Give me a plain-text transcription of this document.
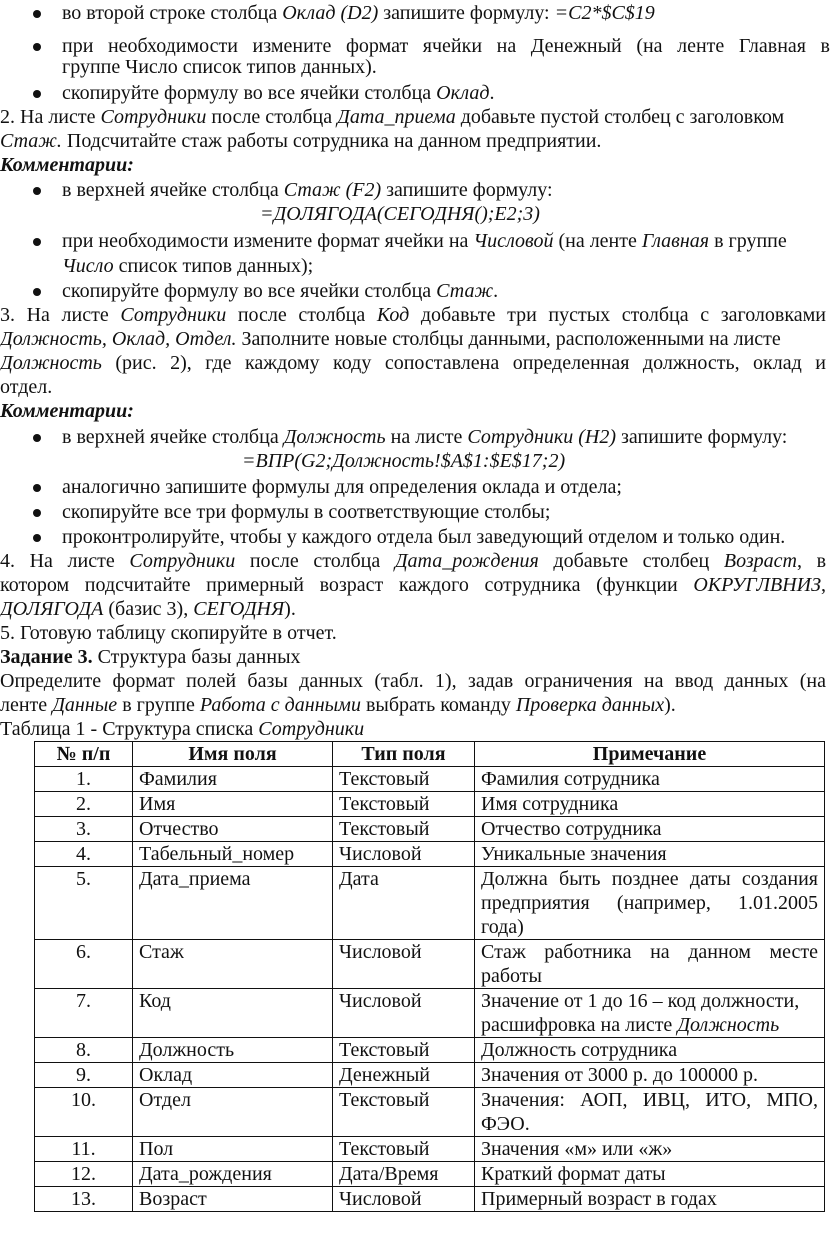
во второй строке столбца Оклад (D2) запишите формулу: =C2*$C$19
при необходимости измените формат ячейки на Денежный (на ленте Главная в
группе Число список типов данных).
скопируйте формулу во все ячейки столбца Оклад.
2. На листе Сотрудники после столбца Дата_приема добавьте пустой столбец с заголовком
Стаж. Подсчитайте стаж работы сотрудника на данном предприятии.
Комментарии:
в верхней ячейке столбца Стаж (F2) запишите формулу:
=ДОЛЯГОДА(СЕГОДНЯ();E2;3)
при необходимости измените формат ячейки на Числовой (на ленте Главная в группе
Число список типов данных);
скопируйте формулу во все ячейки столбца Стаж.
3. На листе Сотрудники после столбца Код добавьте три пустых столбца с заголовками
Должность, Оклад, Отдел. Заполните новые столбцы данными, расположенными на листе
Должность (рис. 2), где каждому коду сопоставлена определенная должность, оклад и
отдел.
Комментарии:
в верхней ячейке столбца Должность на листе Сотрудники (H2) запишите формулу:
=ВПР(G2;Должность!$A$1:$E$17;2)
аналогично запишите формулы для определения оклада и отдела;
скопируйте все три формулы в соответствующие столбы;
проконтролируйте, чтобы у каждого отдела был заведующий отделом и только один.
4. На листе Сотрудники после столбца Дата_рождения добавьте столбец Возраст, в
котором подсчитайте примерный возраст каждого сотрудника (функции ОКРУГЛВНИЗ,
ДОЛЯГОДА (базис 3), СЕГОДНЯ).
5. Готовую таблицу скопируйте в отчет.
Задание 3. Структура базы данных
Определите формат полей базы данных (табл. 1), задав ограничения на ввод данных (на
ленте Данные в группе Работа с данными выбрать команду Проверка данных).
Таблица 1 - Структура списка Сотрудники
№ п/п	Имя поля	Тип поля	Примечание
1.	Фамилия	Текстовый	Фамилия сотрудника
2.	Имя	Текстовый	Имя сотрудника
3.	Отчество	Текстовый	Отчество сотрудника
4.	Табельный_номер	Числовой	Уникальные значения
5.	Дата_приема	Дата	Должна быть позднее даты создания
предприятия (например, 1.01.2005
года)

6.	Стаж	Числовой	Стаж работника на данном месте
работы

7.	Код	Числовой	Значение от 1 до 16 – код должности,
расшифровка на листе Должность

8.	Должность	Текстовый	Должность сотрудника
9.	Оклад	Денежный	Значения от 3000 р. до 100000 р.
10.	Отдел	Текстовый	Значения: АОП, ИВЦ, ИТО, МПО,
ФЭО.

11.	Пол	Текстовый	Значения «м» или «ж»
12.	Дата_рождения	Дата/Время	Краткий формат даты
13.	Возраст	Числовой	Примерный возраст в годах
